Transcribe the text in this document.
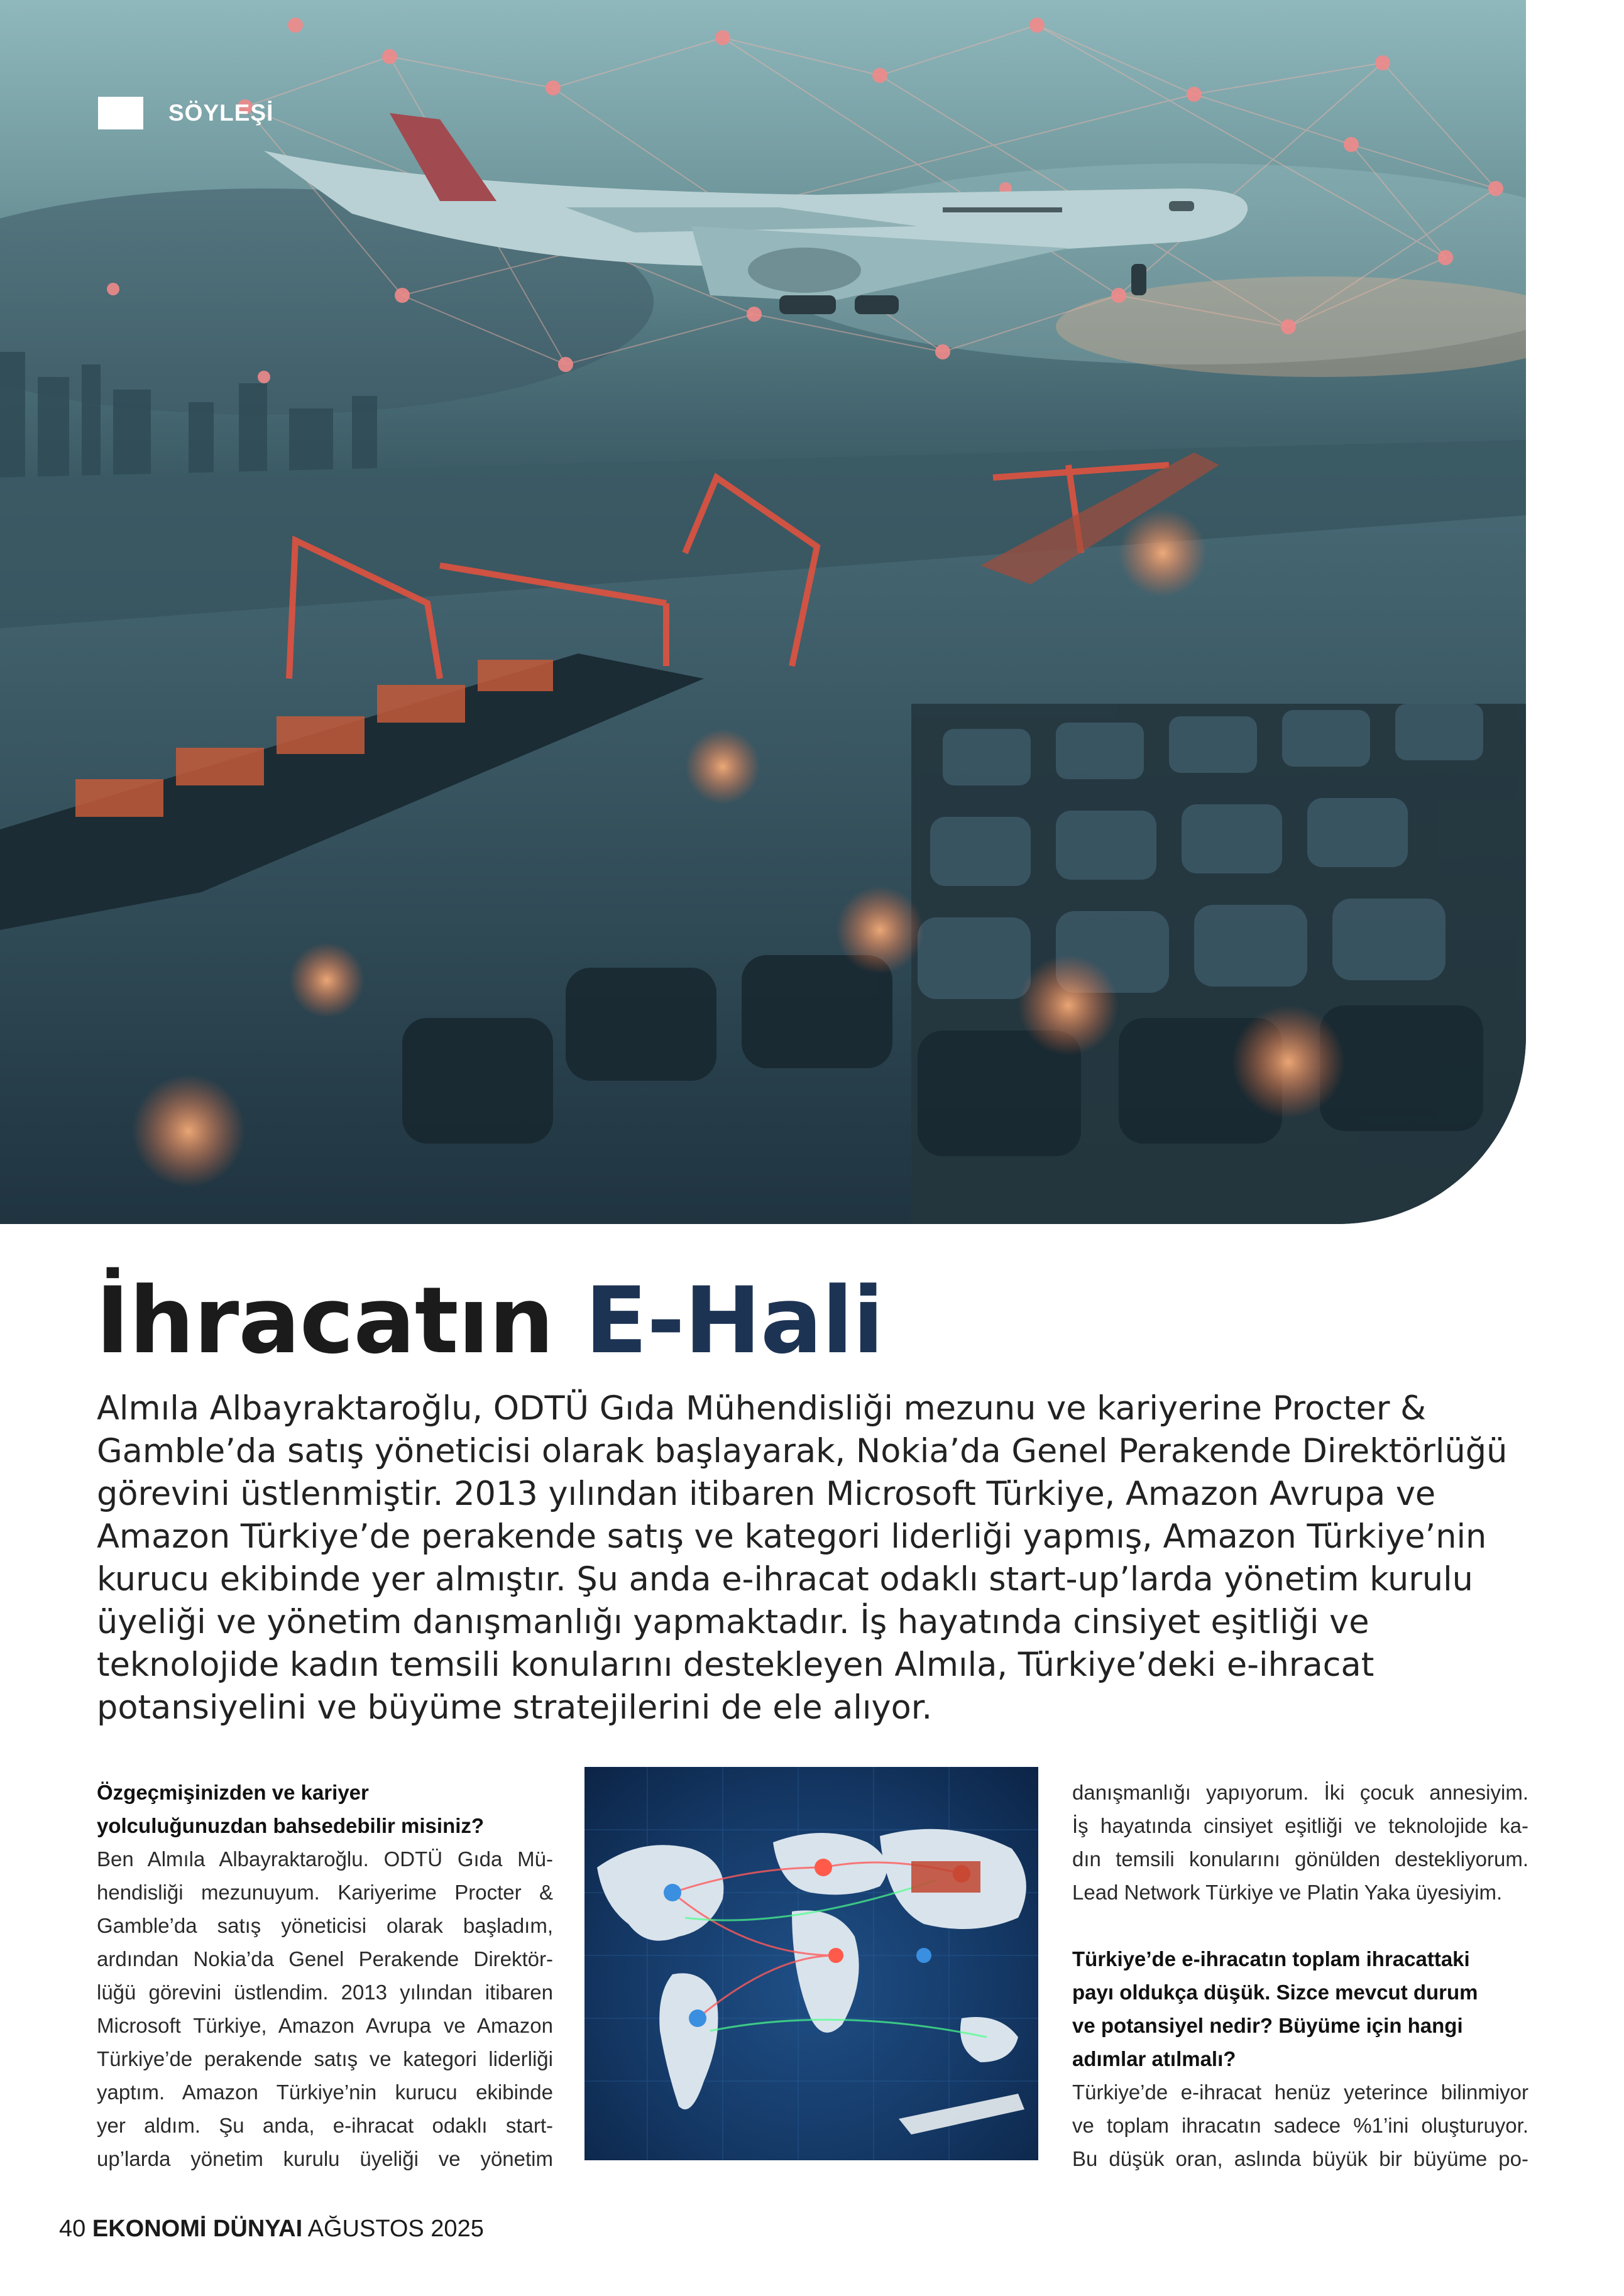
SÖYLEŞİ
İhracatın E-Hali

Almıla Albayraktaroğlu, ODTÜ Gıda Mühendisliği mezunu ve kariyerine Procter & Gamble’da satış yöneticisi olarak başlayarak, Nokia’da Genel Perakende Direktörlüğü görevini üstlenmiştir. 2013 yılından itibaren Microsoft Türkiye, Amazon Avrupa ve Amazon Türkiye’de perakende satış ve kategori liderliği yapmış, Amazon Türkiye’nin kurucu ekibinde yer almıştır. Şu anda e-ihracat odaklı start-up’larda yönetim kurulu üyeliği ve yönetim danışmanlığı yapmaktadır. İş hayatında cinsiyet eşitliği ve teknolojide kadın temsili konularını destekleyen Almıla, Türkiye’deki e-ihracat potansiyelini ve büyüme stratejilerini de ele alıyor.

Özgeçmişinizden ve kariyer

yolculuğunuzdan bahsedebilir misiniz?

Ben Almıla Albayraktaroğlu. ODTÜ Gıda Mü-

hendisliği mezunuyum. Kariyerime Procter &

Gamble’da satış yöneticisi olarak başladım,

ardından Nokia’da Genel Perakende Direktör-

lüğü görevini üstlendim. 2013 yılından itibaren

Microsoft Türkiye, Amazon Avrupa ve Amazon

Türkiye’de perakende satış ve kategori liderliği

yaptım. Amazon Türkiye’nin kurucu ekibinde

yer aldım. Şu anda, e-ihracat odaklı start-

up’larda yönetim kurulu üyeliği ve yönetim

danışmanlığı yapıyorum. İki çocuk annesiyim.

İş hayatında cinsiyet eşitliği ve teknolojide ka-

dın temsili konularını gönülden destekliyorum.

Lead Network Türkiye ve Platin Yaka üyesiyim.

Türkiye’de e-ihracatın toplam ihracattaki

payı oldukça düşük. Sizce mevcut durum

ve potansiyel nedir? Büyüme için hangi

adımlar atılmalı?

Türkiye’de e-ihracat henüz yeterince bilinmiyor

ve toplam ihracatın sadece %1’ini oluşturuyor.

Bu düşük oran, aslında büyük bir büyüme po-

40 EKONOMİ DÜNYAI AĞUSTOS 2025
